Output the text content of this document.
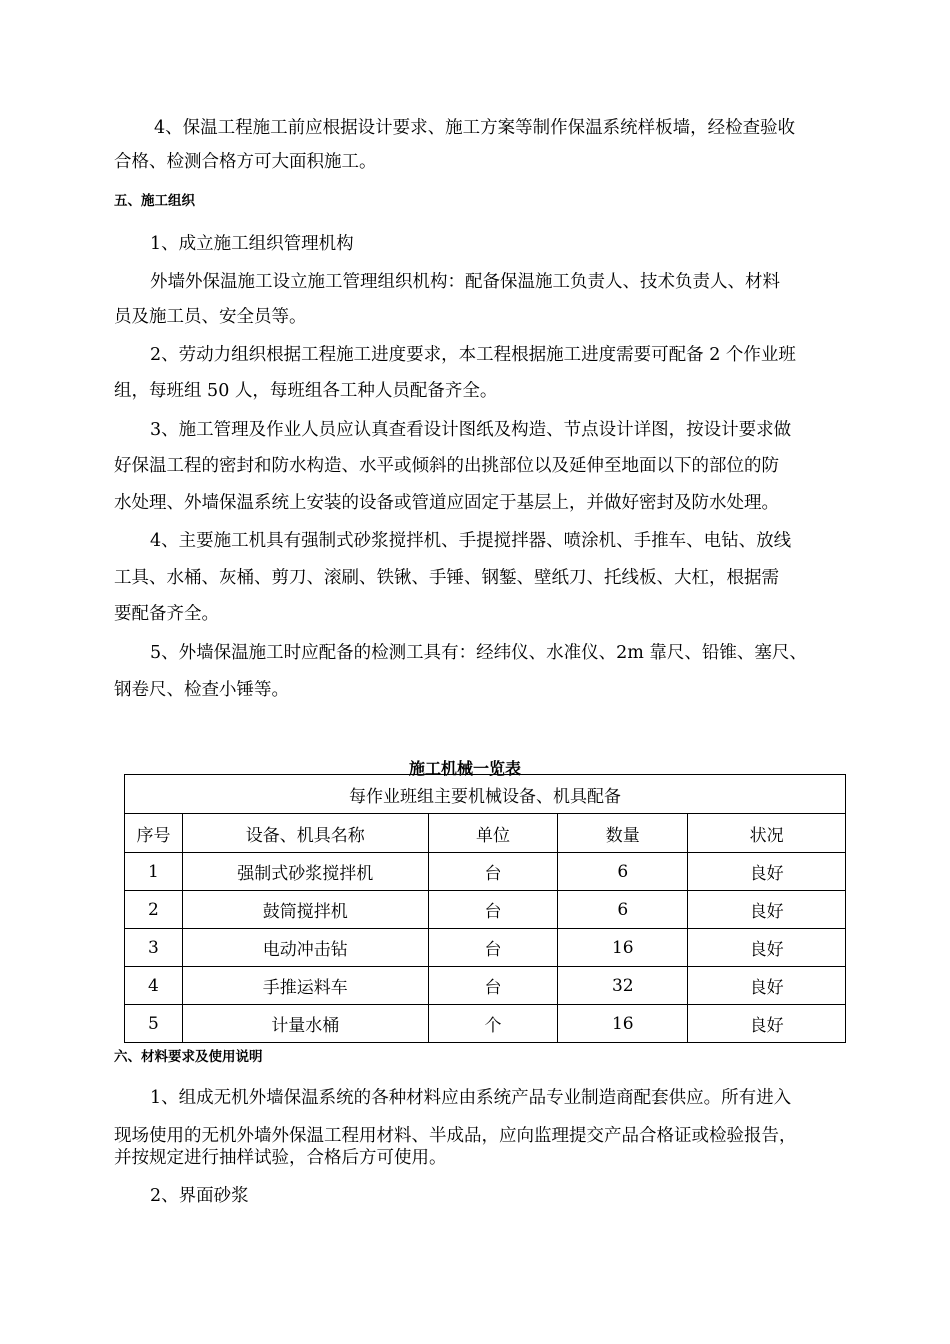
4、保温工程施工前应根据设计要求、施工方案等制作保温系统样板墙，经检查验收
合格、检测合格方可大面积施工。
五、施工组织
1、成立施工组织管理机构
外墙外保温施工设立施工管理组织机构：配备保温施工负责人、技术负责人、材料
员及施工员、安全员等。
2、劳动力组织根据工程施工进度要求，本工程根据施工进度需要可配备 2 个作业班
组，每班组 50 人，每班组各工种人员配备齐全。
3、施工管理及作业人员应认真查看设计图纸及构造、节点设计详图，按设计要求做
好保温工程的密封和防水构造、水平或倾斜的出挑部位以及延伸至地面以下的部位的防
水处理、外墙保温系统上安装的设备或管道应固定于基层上，并做好密封及防水处理。
4、主要施工机具有强制式砂浆搅拌机、手提搅拌器、喷涂机、手推车、电钻、放线
工具、水桶、灰桶、剪刀、滚刷、铁锹、手锤、钢錾、壁纸刀、托线板、大杠，根据需
要配备齐全。
5、外墙保温施工时应配备的检测工具有：经纬仪、水准仪、2m 靠尺、铅锥、塞尺、
钢卷尺、检查小锤等。
施工机械一览表
每作业班组主要机械设备、机具配备				
序号	设备、机具名称	单位	数量	状况
1	强制式砂浆搅拌机	台	6	良好
2	鼓筒搅拌机	台	6	良好
3	电动冲击钻	台	16	良好
4	手推运料车	台	32	良好
5	计量水桶	个	16	良好
六、材料要求及使用说明
1、组成无机外墙保温系统的各种材料应由系统产品专业制造商配套供应。所有进入
现场使用的无机外墙外保温工程用材料、半成品，应向监理提交产品合格证或检验报告，
并按规定进行抽样试验，合格后方可使用。
2、界面砂浆
